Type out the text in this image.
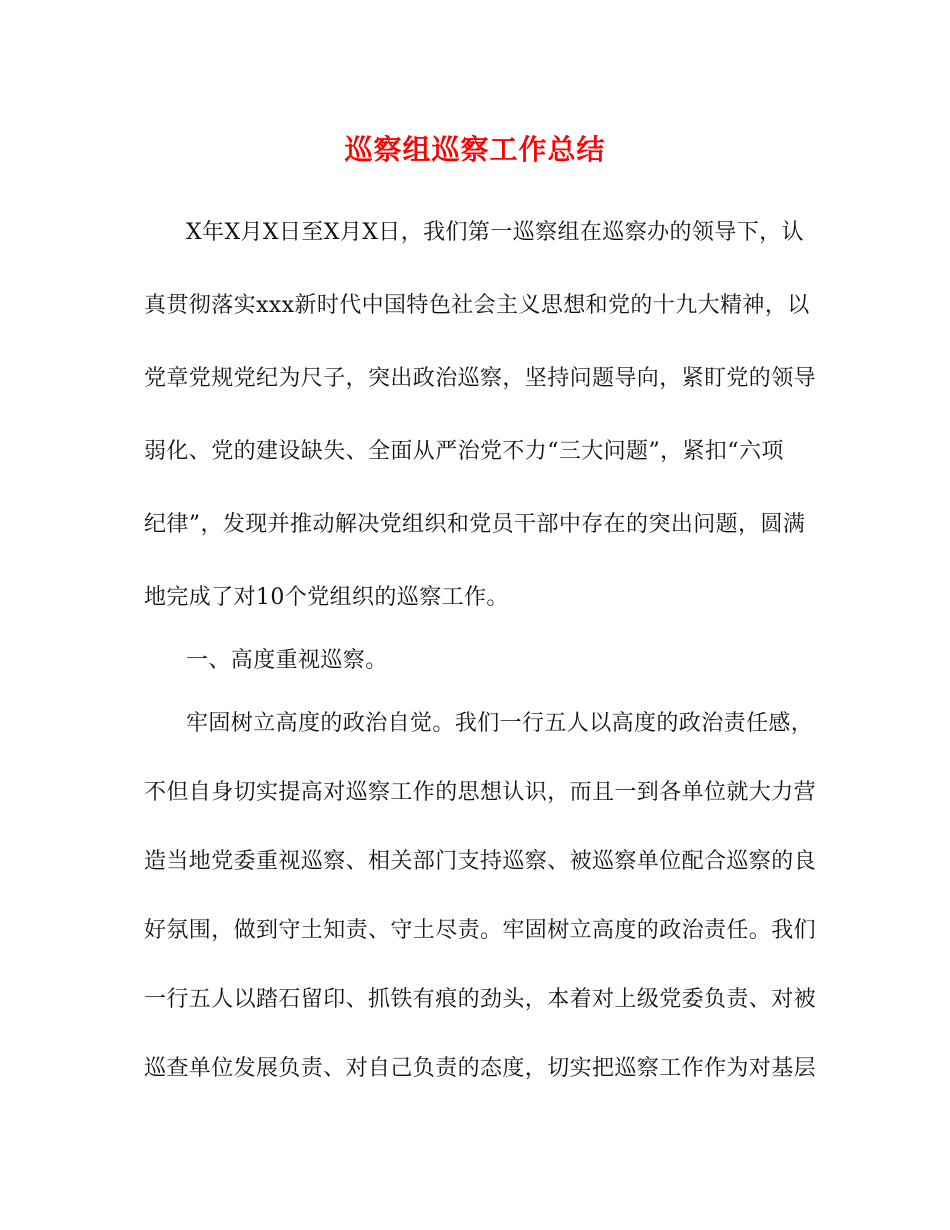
巡察组巡察工作总结
X年X月X日至X月X日，我们第一巡察组在巡察办的领导下，认
真贯彻落实xxx新时代中国特色社会主义思想和党的十九大精神，以
党章党规党纪为尺子，突出政治巡察，坚持问题导向，紧盯党的领导
弱化、党的建设缺失、全面从严治党不力“三大问题”，紧扣“六项
纪律”，发现并推动解决党组织和党员干部中存在的突出问题，圆满
地完成了对10个党组织的巡察工作。
一、高度重视巡察。
牢固树立高度的政治自觉。我们一行五人以高度的政治责任感，
不但自身切实提高对巡察工作的思想认识，而且一到各单位就大力营
造当地党委重视巡察、相关部门支持巡察、被巡察单位配合巡察的良
好氛围，做到守土知责、守土尽责。牢固树立高度的政治责任。我们
一行五人以踏石留印、抓铁有痕的劲头，本着对上级党委负责、对被
巡查单位发展负责、对自己负责的态度，切实把巡察工作作为对基层
